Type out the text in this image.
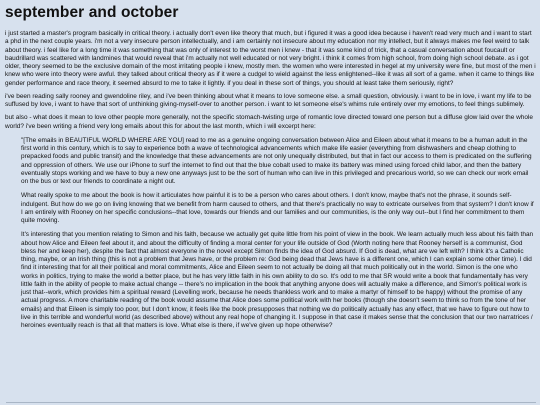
september and october

i just started a master's program basically in critical theory. i actually don't even like theory that much, but i figured it was a good idea because i haven't read very much and i want to start a phd in the next couple years. i'm not a very insecure person intellectually, and i am certainly not insecure about my education nor my intellect, but it always makes me feel weird to talk about theory. i feel like for a long time it was something that was only of interest to the worst men i knew - that it was some kind of trick, that a casual conversation about foucault or baudrillard was scattered with landmines that would reveal that i'm actually not well educated or not very bright. i think it comes from high school, from doing high school debate. as i got older, theory seemed to be the exclusive domain of the most irritating people i knew, mostly men. the women who were interested in hegel at my university were fine, but most of the men i knew who were into theory were awful. they talked about critical theory as if it were a cudgel to wield against the less enlightened--like it was all sort of a game. when it came to things like gender performance and race theory, it seemed absurd to me to take it lightly. if you deal in these sort of things, you should at least take them seriously, right?

i've been reading sally rooney and gwendoline riley, and i've been thinking about what it means to love someone else. a small question, obviously. i want to be in love, i want my life to be suffused by love, i want to have that sort of unthinking giving-myself-over to another person. i want to let someone else's whims rule entirely over my emotions, to feel things sublimely.

but also - what does it mean to love other people more generally, not the specific stomach-twisting urge of romantic love directed toward one person but a diffuse glow laid over the whole world? i've been writing a friend very long emails about this for about the last month, which i will excerpt here:

"[The emails in BEAUTIFUL WORLD WHERE ARE YOU] read to me as a genuine ongoing conversation between Alice and Eileen about what it means to be a human adult in the first world in this century, which is to say to experience both a wave of technological advancements which make life easier (everything from dishwashers and cheap clothing to prepacked foods and public transit) and the knowledge that these advancements are not only unequally distributed, but that in fact our access to them is predicated on the suffering and oppression of others. We use our iPhone to surf the internet to find out that the blue cobalt used to make its battery was mined using forced child labor, and then the battery eventually stops working and we have to buy a new one anyways just to be the sort of human who can live in this privileged and precarious world, so we can check our work email on the bus or text our friends to coordinate a night out.

What really spoke to me about the book is how it articulates how painful it is to be a person who cares about others. I don't know, maybe that's not the phrase, it sounds self-indulgent. But how do we go on living knowing that we benefit from harm caused to others, and that there's practically no way to extricate ourselves from that system? I don't know if I am entirely with Rooney on her specific conclusions--that love, towards our friends and our families and our communities, is the only way out--but I find her commitment to them quite moving.

It's interesting that you mention relating to Simon and his faith, because we actually get quite little from his point of view in the book. We learn actually much less about his faith than about how Alice and Eileen feel about it, and about the difficulty of finding a moral center for your life outside of God (Worth noting here that Rooney herself is a communist, God bless her and keep her), despite the fact that almost everyone in the novel except Simon finds the idea of God absurd. If God is dead, what are we left with? I think it's a Catholic thing, maybe, or an Irish thing (this is not a problem that Jews have, or the problem re: God being dead that Jews have is a different one, which I can explain some other time). I did find it interesting that for all their political and moral commitments, Alice and Eileen seem to not actually be doing all that much politically out in the world. Simon is the one who works in politics, trying to make the world a better place, but he has very little faith in his own ability to do so. It's odd to me that SR would write a book that fundamentally has very little faith in the ability of people to make actual change -- there's no implication in the book that anything anyone does will actually make a difference, and Simon's political work is just that--work, which provides him a spiritual reward (Levelling work, because he needs thankless work and to make a martyr of himself to be happy) without the promise of any actual progress. A more charitable reading of the book would assume that Alice does some political work with her books (though she doesn't seem to think so from the tone of her emails) and that Eileen is simply too poor, but I don't know, it feels like the book presupposes that nothing we do politically actually has any effect, that we have to figure out how to live in this terrible and wonderful world (as described above) without any real hope of changing it. I suppose in that case it makes sense that the conclusion that our two narratrices / heroines eventually reach is that all that matters is love. What else is there, if we've given up hope otherwise?
